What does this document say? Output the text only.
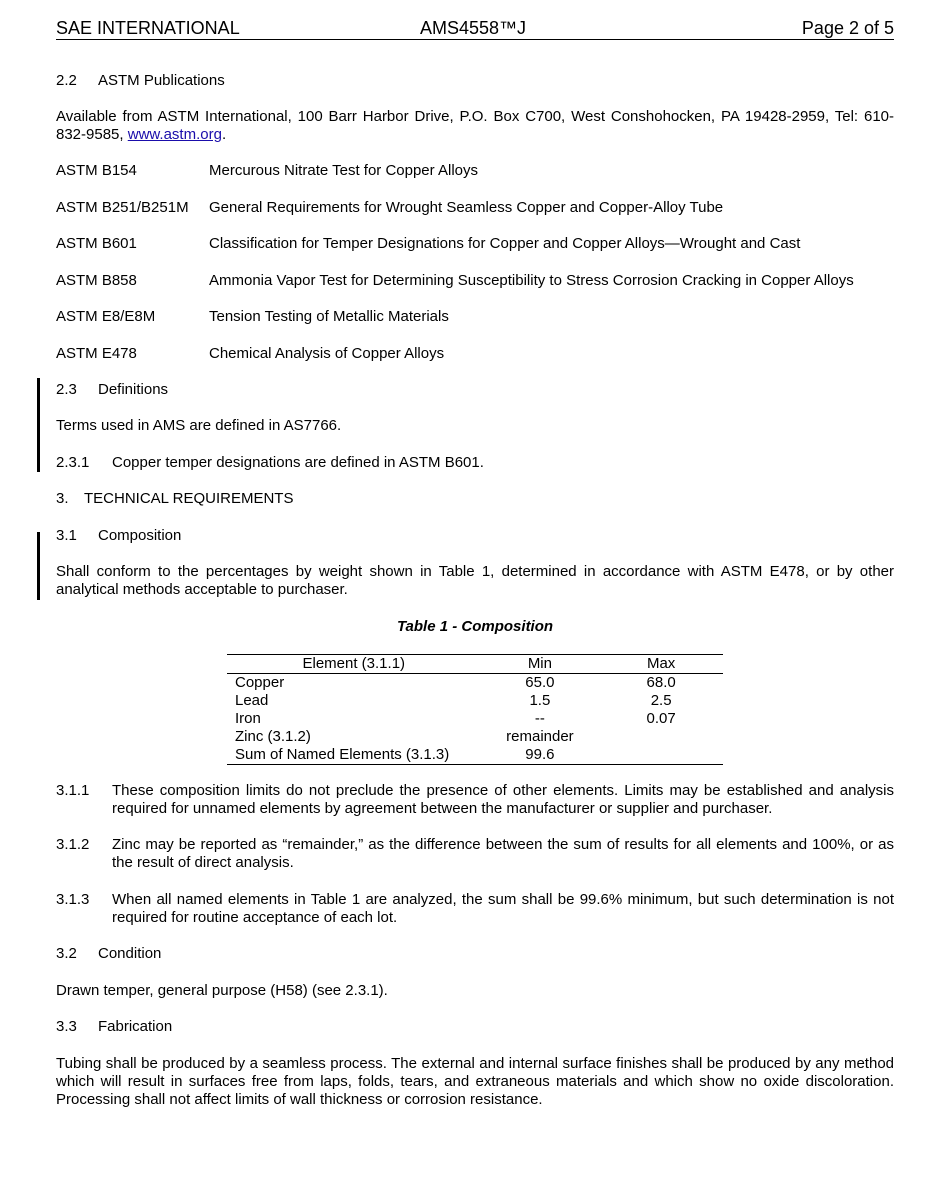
SAE INTERNATIONAL	AMS4558™J	Page 2 of 5
2.2 ASTM Publications
Available from ASTM International, 100 Barr Harbor Drive, P.O. Box C700, West Conshohocken, PA 19428-2959, Tel: 610-832-9585, www.astm.org.
ASTM B154	Mercurous Nitrate Test for Copper Alloys
ASTM B251/B251M General Requirements for Wrought Seamless Copper and Copper-Alloy Tube
ASTM B601	Classification for Temper Designations for Copper and Copper Alloys—Wrought and Cast
ASTM B858	Ammonia Vapor Test for Determining Susceptibility to Stress Corrosion Cracking in Copper Alloys
ASTM E8/E8M	Tension Testing of Metallic Materials
ASTM E478	Chemical Analysis of Copper Alloys
2.3 Definitions
Terms used in AMS are defined in AS7766.
2.3.1 Copper temper designations are defined in ASTM B601.
3. TECHNICAL REQUIREMENTS
3.1 Composition
Shall conform to the percentages by weight shown in Table 1, determined in accordance with ASTM E478, or by other analytical methods acceptable to purchaser.
Table 1 - Composition
Element (3.1.1)	Min	Max
Copper	65.0	68.0
Lead	1.5	2.5
Iron	--	0.07
Zinc (3.1.2)	remainder	
Sum of Named Elements (3.1.3)	99.6	
3.1.1 These composition limits do not preclude the presence of other elements. Limits may be established and analysis required for unnamed elements by agreement between the manufacturer or supplier and purchaser.
3.1.2 Zinc may be reported as “remainder,” as the difference between the sum of results for all elements and 100%, or as the result of direct analysis.
3.1.3 When all named elements in Table 1 are analyzed, the sum shall be 99.6% minimum, but such determination is not required for routine acceptance of each lot.
3.2 Condition
Drawn temper, general purpose (H58) (see 2.3.1).
3.3 Fabrication
Tubing shall be produced by a seamless process. The external and internal surface finishes shall be produced by any method which will result in surfaces free from laps, folds, tears, and extraneous materials and which show no oxide discoloration. Processing shall not affect limits of wall thickness or corrosion resistance.
